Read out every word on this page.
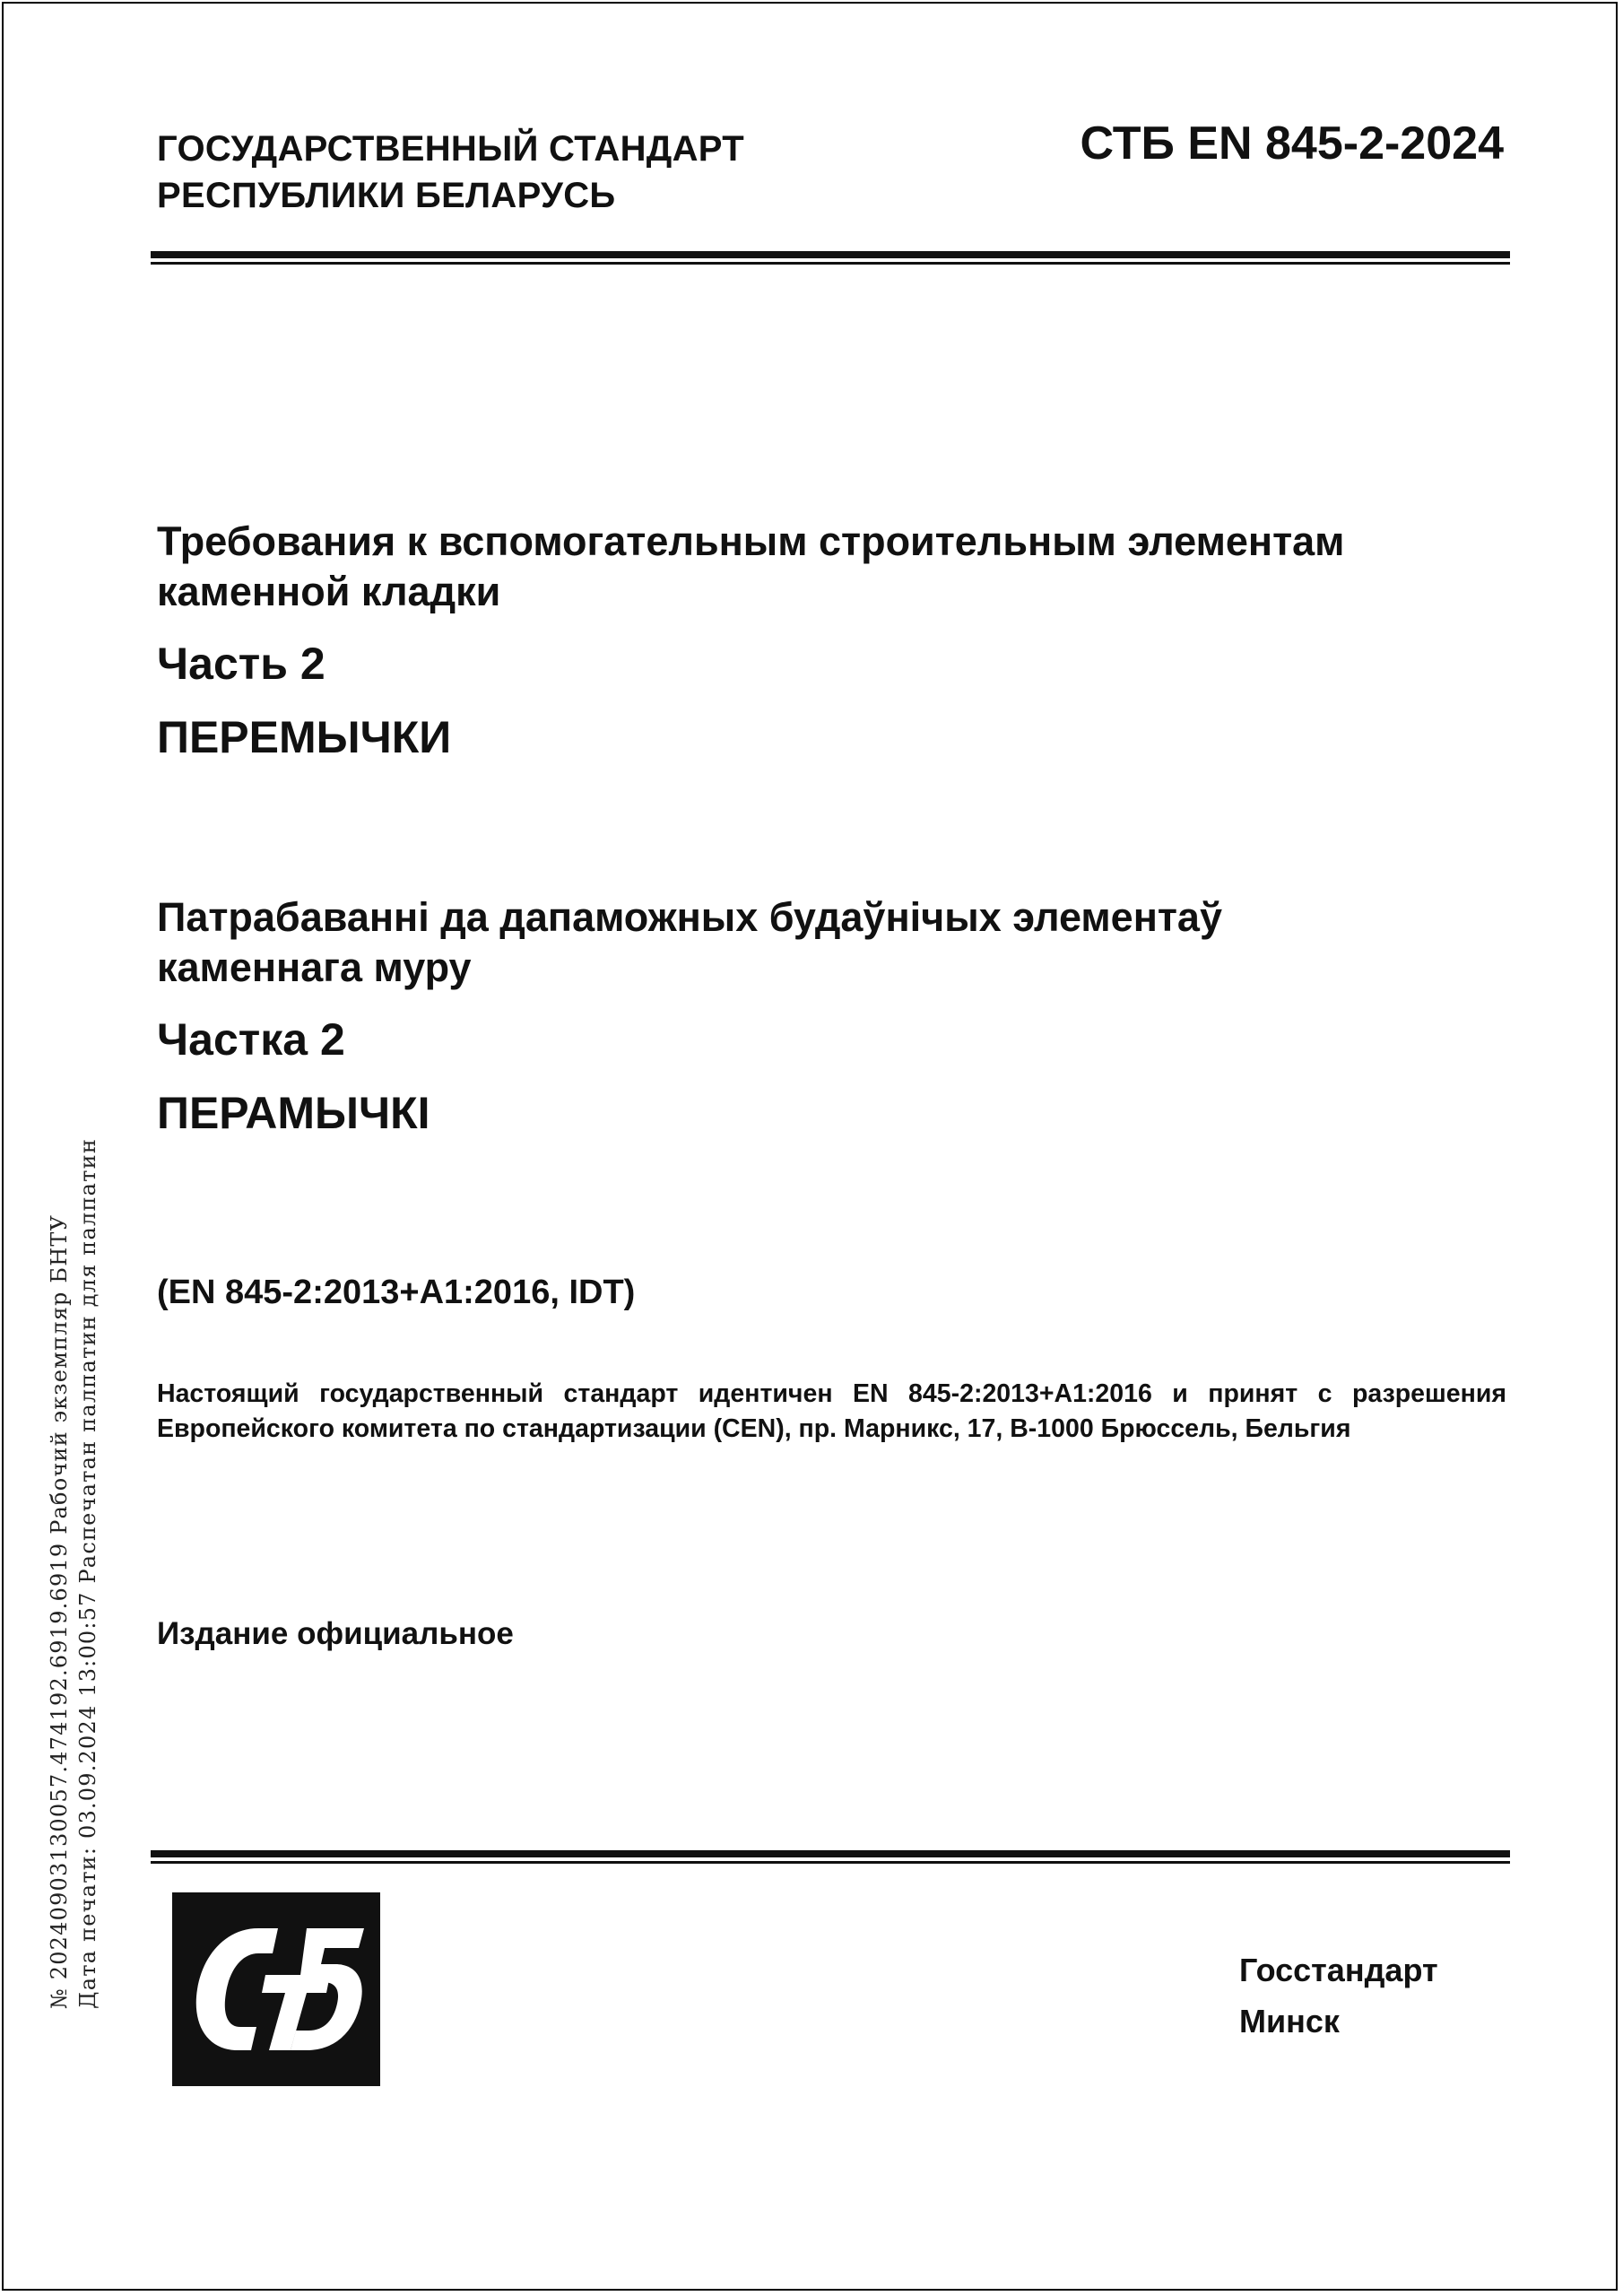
ГОСУДАРСТВЕННЫЙ СТАНДАРТ
РЕСПУБЛИКИ БЕЛАРУСЬ
СТБ EN 845-2-2024
Требования к вспомогательным строительным элементам
каменной кладки
Часть 2
ПЕРЕМЫЧКИ
Патрабаванні да дапаможных будаўнічых элементаў
каменнага муру
Частка 2
ПЕРАМЫЧКІ
(EN 845-2:2013+A1:2016, IDT)
Настоящий государственный стандарт идентичен EN 845-2:2013+A1:2016 и принят с разрешения Европейского комитета по стандартизации (CEN), пр. Марникс, 17, B-1000 Брюссель, Бельгия
Издание официальное
Госстандарт
Минск
№ 20240903130057.474192.6919.6919 Рабочий экземпляр БНТУ Дата печати: 03.09.2024 13:00:57 Распечатан палпатин для палпатин
